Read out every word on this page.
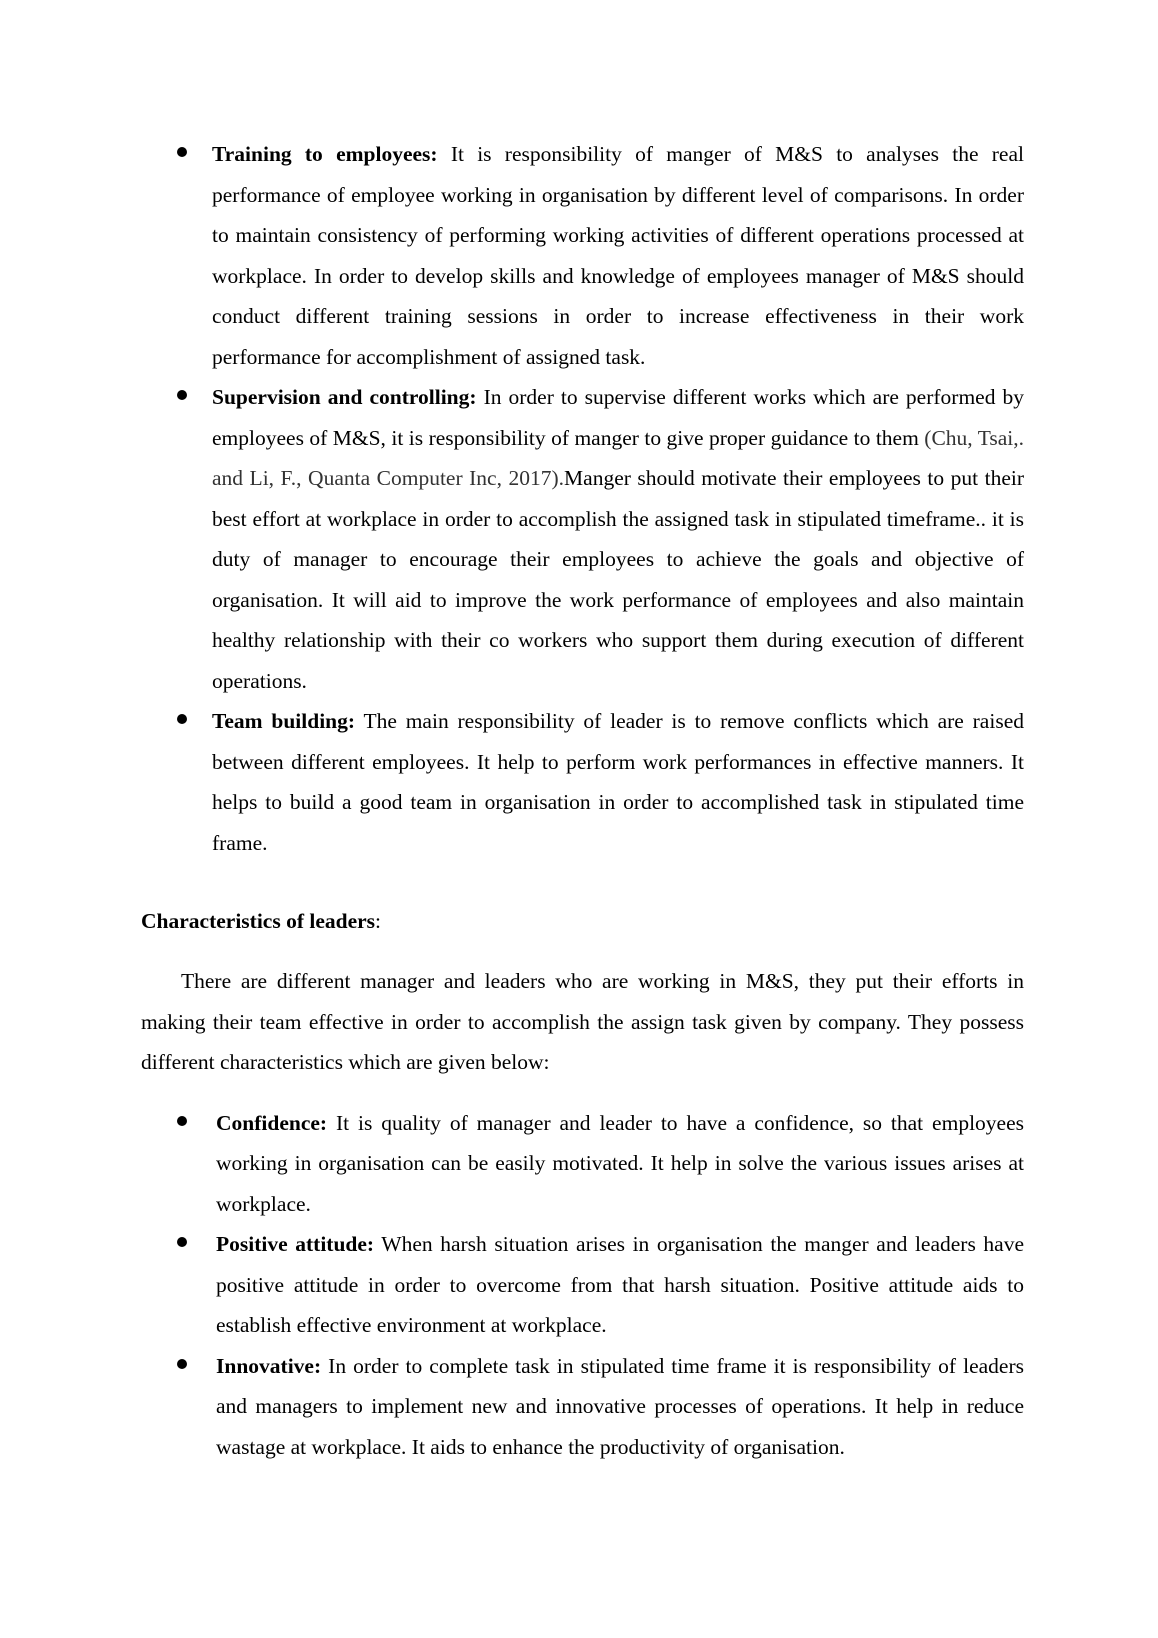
Training to employees: It is responsibility of manger of M&S to analyses the real performance of employee working in organisation by different level of comparisons. In order to maintain consistency of performing working activities of different operations processed at workplace. In order to develop skills and knowledge of employees manager of M&S should conduct different training sessions in order to increase effectiveness in their work performance for accomplishment of assigned task.
Supervision and controlling: In order to supervise different works which are performed by employees of M&S, it is responsibility of manger to give proper guidance to them (Chu, Tsai,. and Li, F., Quanta Computer Inc, 2017).Manger should motivate their employees to put their best effort at workplace in order to accomplish the assigned task in stipulated timeframe.. it is duty of manager to encourage their employees to achieve the goals and objective of organisation. It will aid to improve the work performance of employees and also maintain healthy relationship with their co workers who support them during execution of different operations.
Team building: The main responsibility of leader is to remove conflicts which are raised between different employees. It help to perform work performances in effective manners. It helps to build a good team in organisation in order to accomplished task in stipulated time frame.

Characteristics of leaders:

There are different manager and leaders who are working in M&S, they put their efforts in making their team effective in order to accomplish the assign task given by company. They possess different characteristics which are given below:

Confidence: It is quality of manager and leader to have a confidence, so that employees working in organisation can be easily motivated. It help in solve the various issues arises at workplace.
Positive attitude: When harsh situation arises in organisation the manger and leaders have positive attitude in order to overcome from that harsh situation. Positive attitude aids to establish effective environment at workplace.
Innovative: In order to complete task in stipulated time frame it is responsibility of leaders and managers to implement new and innovative processes of operations. It help in reduce wastage at workplace. It aids to enhance the productivity of organisation.
